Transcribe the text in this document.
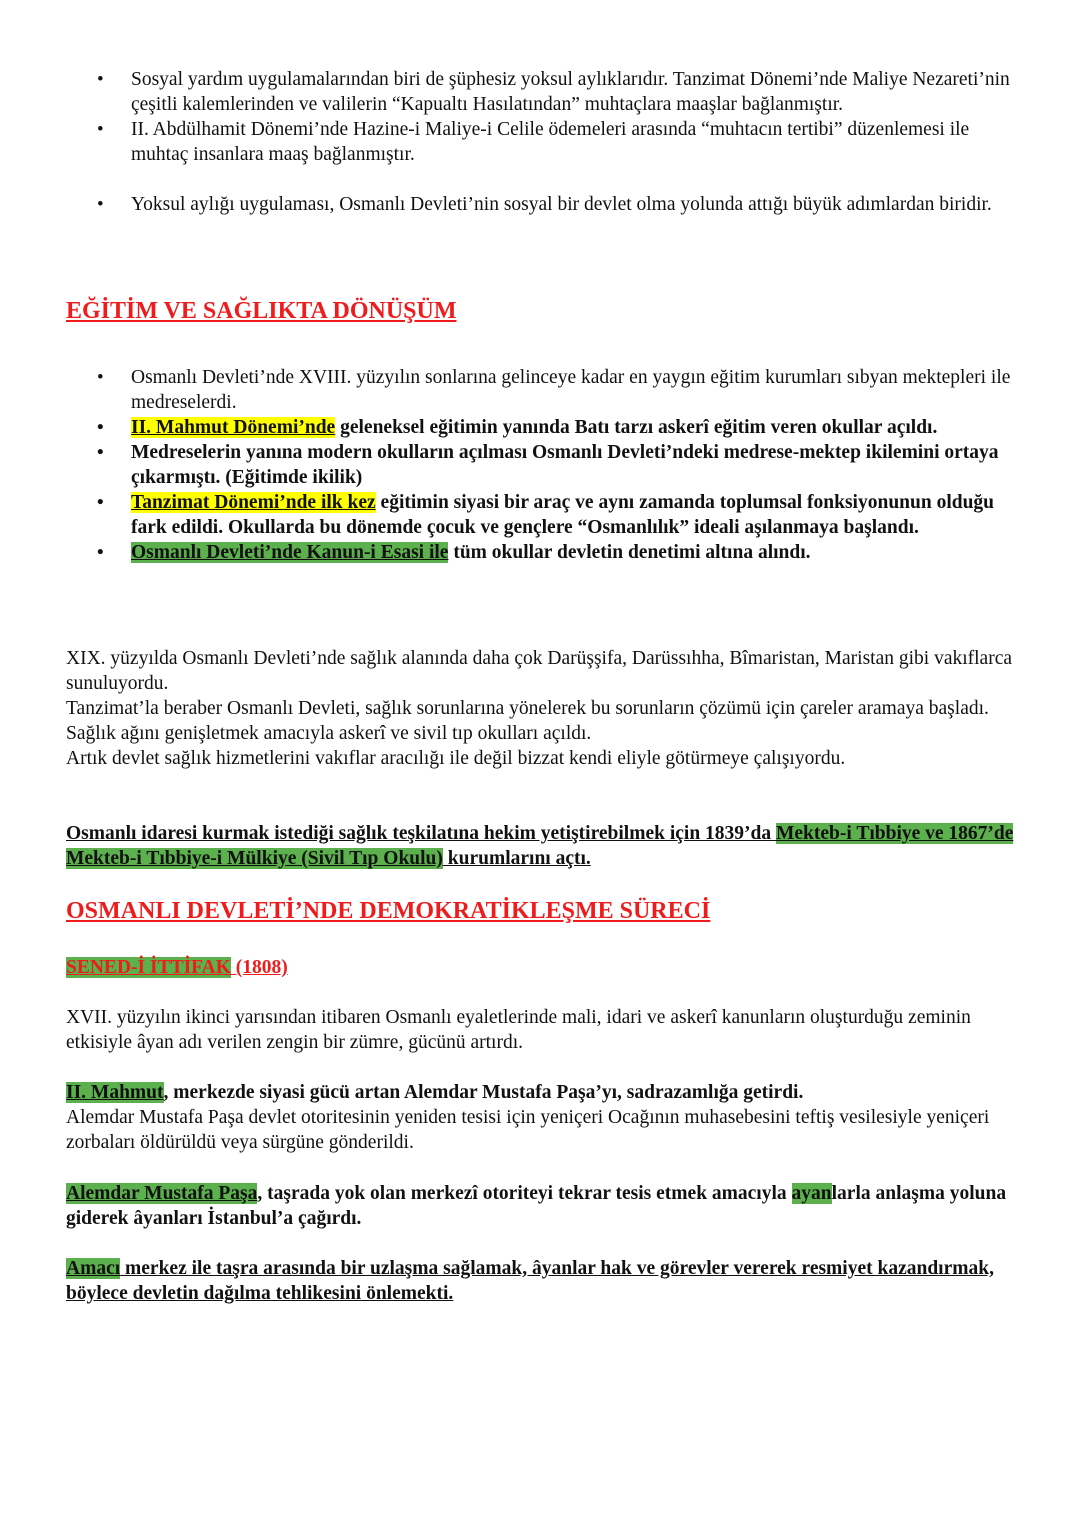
• Sosyal yardım uygulamalarından biri de şüphesiz yoksul aylıklarıdır. Tanzimat Dönemi’nde Maliye Nezareti’nin çeşitli kalemlerinden ve valilerin “Kapualtı Hasılatından” muhtaçlara maaşlar bağlanmıştır.
• II. Abdülhamit Dönemi’nde Hazine-i Maliye-i Celile ödemeleri arasında “muhtacın tertibi” düzenlemesi ile muhtaç insanlara maaş bağlanmıştır.
• Yoksul aylığı uygulaması, Osmanlı Devleti’nin sosyal bir devlet olma yolunda attığı büyük adımlardan biridir.
EĞİTİM VE SAĞLIKTA DÖNÜŞÜM
• Osmanlı Devleti’nde XVIII. yüzyılın sonlarına gelinceye kadar en yaygın eğitim kurumları sıbyan mektepleri ile medreselerdi.
• II. Mahmut Dönemi’nde geleneksel eğitimin yanında Batı tarzı askerî eğitim veren okullar açıldı.
• Medreselerin yanına modern okulların açılması Osmanlı Devleti’ndeki medrese-mektep ikilemini ortaya çıkarmıştı. (Eğitimde ikilik)
• Tanzimat Dönemi’nde ilk kez eğitimin siyasi bir araç ve aynı zamanda toplumsal fonksiyonunun olduğu fark edildi. Okullarda bu dönemde çocuk ve gençlere “Osmanlılık” ideali aşılanmaya başlandı.
• Osmanlı Devleti’nde Kanun-i Esasi ile tüm okullar devletin denetimi altına alındı.

XIX. yüzyılda Osmanlı Devleti’nde sağlık alanında daha çok Darüşşifa, Darüssıhha, Bîmaristan, Maristan gibi vakıflarca sunuluyordu.

Tanzimat’la beraber Osmanlı Devleti, sağlık sorunlarına yönelerek bu sorunların çözümü için çareler aramaya başladı.

Sağlık ağını genişletmek amacıyla askerî ve sivil tıp okulları açıldı.

Artık devlet sağlık hizmetlerini vakıflar aracılığı ile değil bizzat kendi eliyle götürmeye çalışıyordu.

Osmanlı idaresi kurmak istediği sağlık teşkilatına hekim yetiştirebilmek için 1839’da Mekteb-i Tıbbiye ve 1867’de Mekteb-i Tıbbiye-i Mülkiye (Sivil Tıp Okulu) kurumlarını açtı.
OSMANLI DEVLETİ’NDE DEMOKRATİKLEŞME SÜRECİ
SENED-İ İTTİFAK (1808)
XVII. yüzyılın ikinci yarısından itibaren Osmanlı eyaletlerinde mali, idari ve askerî kanunların oluşturduğu zeminin etkisiyle âyan adı verilen zengin bir zümre, gücünü artırdı.

II. Mahmut, merkezde siyasi gücü artan Alemdar Mustafa Paşa’yı, sadrazamlığa getirdi.

Alemdar Mustafa Paşa devlet otoritesinin yeniden tesisi için yeniçeri Ocağının muhasebesini teftiş vesilesiyle yeniçeri zorbaları öldürüldü veya sürgüne gönderildi.

Alemdar Mustafa Paşa, taşrada yok olan merkezî otoriteyi tekrar tesis etmek amacıyla ayanlarla anlaşma yoluna giderek âyanları İstanbul’a çağırdı.
Amacı merkez ile taşra arasında bir uzlaşma sağlamak, âyanlar hak ve görevler vererek resmiyet kazandırmak, böylece devletin dağılma tehlikesini önlemekti.
